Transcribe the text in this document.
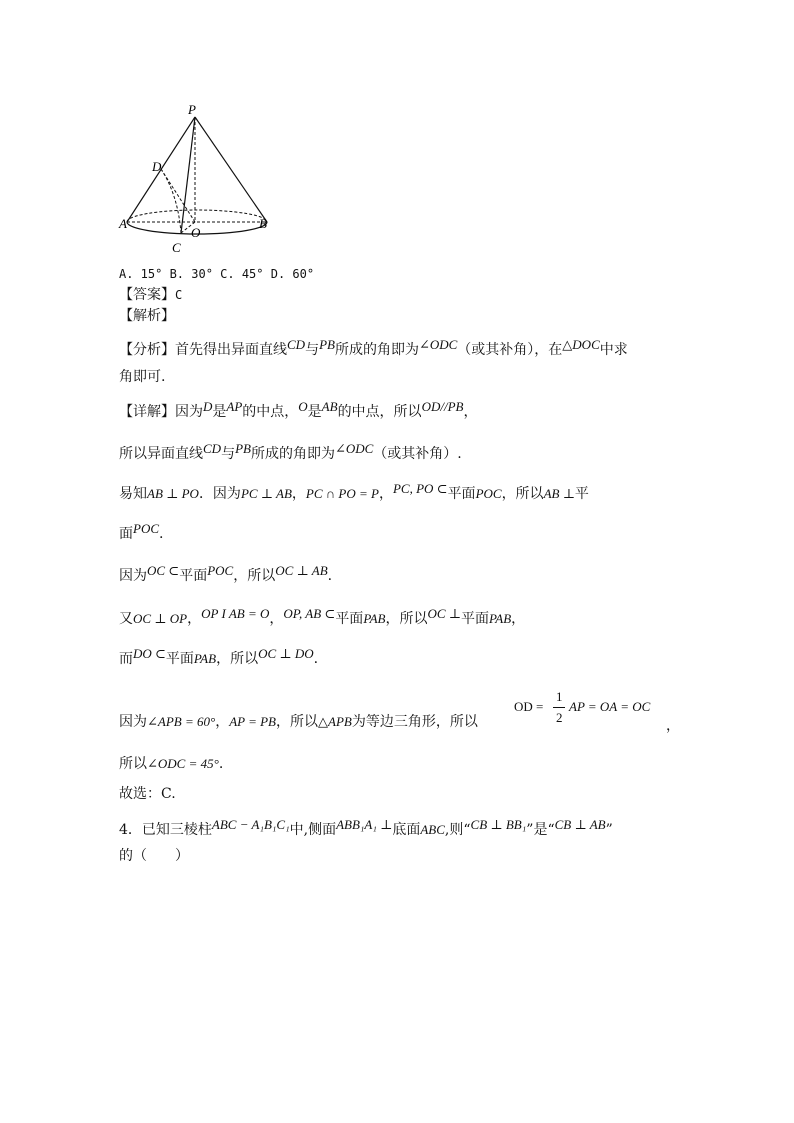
P
D
A	B
C
O
A. 15° B. 30° C. 45° D. 60°
【答案】C
【解析】
【分析】首先得出异面直线CD与PB所成的角即为∠ODC（或其补角），在△DOC中求
角即可.
【详解】因为D是AP的中点，O是AB的中点，所以OD//PB，
所以异面直线CD与PB所成的角即为∠ODC（或其补角）.
易知AB ⊥ PO．因为PC ⊥ AB，PC ∩ PO = P，PC, PO ⊂平面POC，所以AB ⊥平
面POC.
因为OC ⊂平面POC，所以OC ⊥ AB.
又OC ⊥ OP，OP I AB = O，OP, AB ⊂平面PAB，所以OC ⊥平面PAB，
而DO ⊂平面PAB，所以OC ⊥ DO.
因为∠APB = 60°，AP = PB，所以△APB为等边三角形，所以
OD =
1
2
AP = OA = OC
，
所以∠ODC = 45°.
故选：C.
4．已知三棱柱ABC − A₁B₁C₁中,侧面ABB₁A₁ ⊥底面ABC,则“CB ⊥ BB₁”是“CB ⊥ AB”
的（　　）
